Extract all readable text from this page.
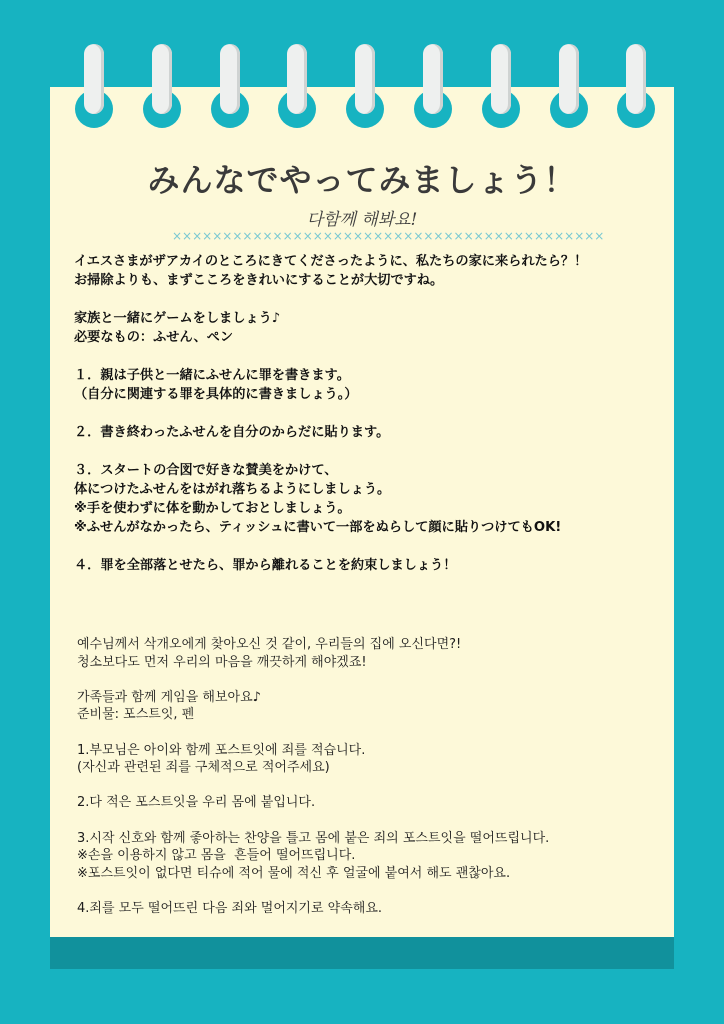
みんなでやってみましょう！
다함께 해봐요!
×××××××××××××××××××××××××××××××××××××××××××
イエスさまがザアカイのところにきてくださったように、私たちの家に来られたら？！
お掃除よりも、まずこころをきれいにすることが大切ですね。

家族と一緒にゲームをしましょう♪
必要なもの：ふせん、ペン

１．親は子供と一緒にふせんに罪を書きます。
（自分に関連する罪を具体的に書きましょう。）

２．書き終わったふせんを自分のからだに貼ります。

３．スタートの合図で好きな賛美をかけて、
体につけたふせんをはがれ落ちるようにしましょう。
※手を使わずに体を動かしておとしましょう。
※ふせんがなかったら、ティッシュに書いて一部をぬらして顔に貼りつけてもOK!

４．罪を全部落とせたら、罪から離れることを約束しましょう！
예수님께서 삭개오에게 찾아오신 것 같이, 우리들의 집에 오신다면?!
청소보다도 먼저 우리의 마음을 깨끗하게 해야겠죠!

가족들과 함께 게임을 해보아요♪
준비물: 포스트잇, 펜

1.부모님은 아이와 함께 포스트잇에 죄를 적습니다.
(자신과 관련된 죄를 구체적으로 적어주세요)

2.다 적은 포스트잇을 우리 몸에 붙입니다.

3.시작 신호와 함께 좋아하는 찬양을 틀고 몸에 붙은 죄의 포스트잇을 떨어뜨립니다.
※손을 이용하지 않고 몸을  흔들어 떨어뜨립니다.
※포스트잇이 없다면 티슈에 적어 물에 적신 후 얼굴에 붙여서 해도 괜찮아요.

4.죄를 모두 떨어뜨린 다음 죄와 멀어지기로 약속해요.
